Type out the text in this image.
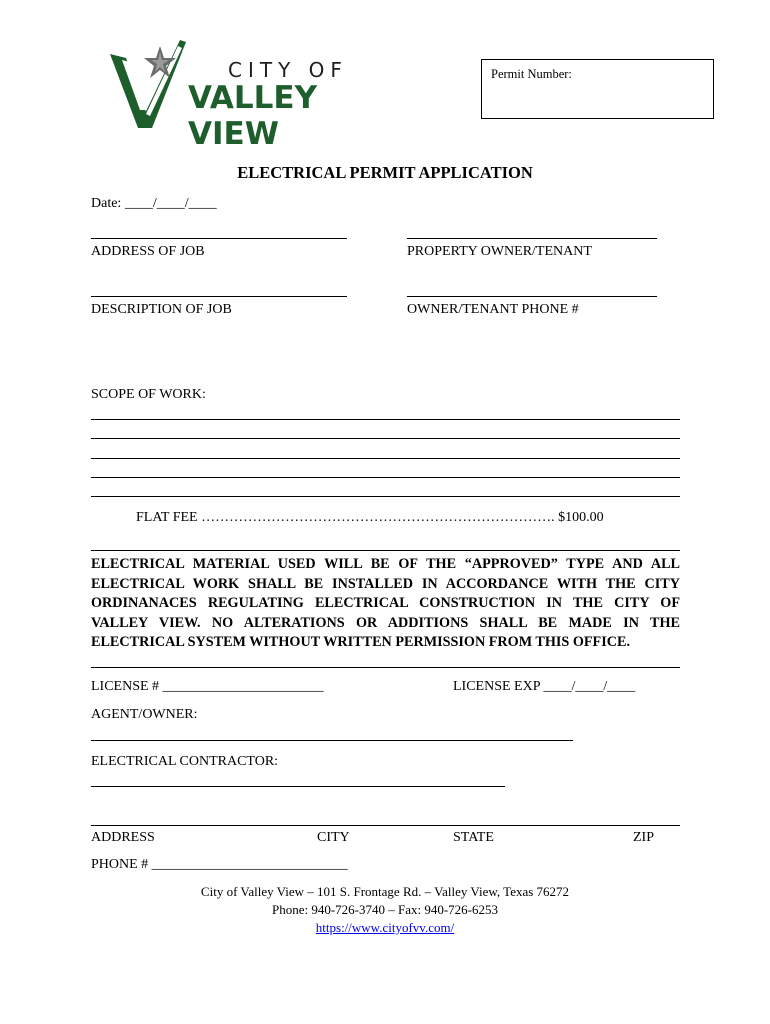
CITY OF
VALLEY VIEW
Permit Number:
ELECTRICAL PERMIT APPLICATION
Date: ____/____/____
ADDRESS OF JOB	PROPERTY OWNER/TENANT
DESCRIPTION OF JOB	OWNER/TENANT PHONE #
SCOPE OF WORK:
FLAT FEE …………………………………………………………………. $100.00
ELECTRICAL MATERIAL USED WILL BE OF THE “APPROVED” TYPE AND ALL ELECTRICAL WORK SHALL BE INSTALLED IN ACCORDANCE WITH THE CITY ORDINANACES REGULATING ELECTRICAL CONSTRUCTION IN THE CITY OF VALLEY VIEW. NO ALTERATIONS OR ADDITIONS SHALL BE MADE IN THE ELECTRICAL SYSTEM WITHOUT WRITTEN PERMISSION FROM THIS OFFICE.
LICENSE # _______________________	LICENSE EXP ____/____/____
AGENT/OWNER:
ELECTRICAL CONTRACTOR:
ADDRESS	CITY	STATE	ZIP
PHONE # ____________________________
City of Valley View – 101 S. Frontage Rd. – Valley View, Texas 76272
Phone: 940-726-3740 – Fax: 940-726-6253
https://www.cityofvv.com/
